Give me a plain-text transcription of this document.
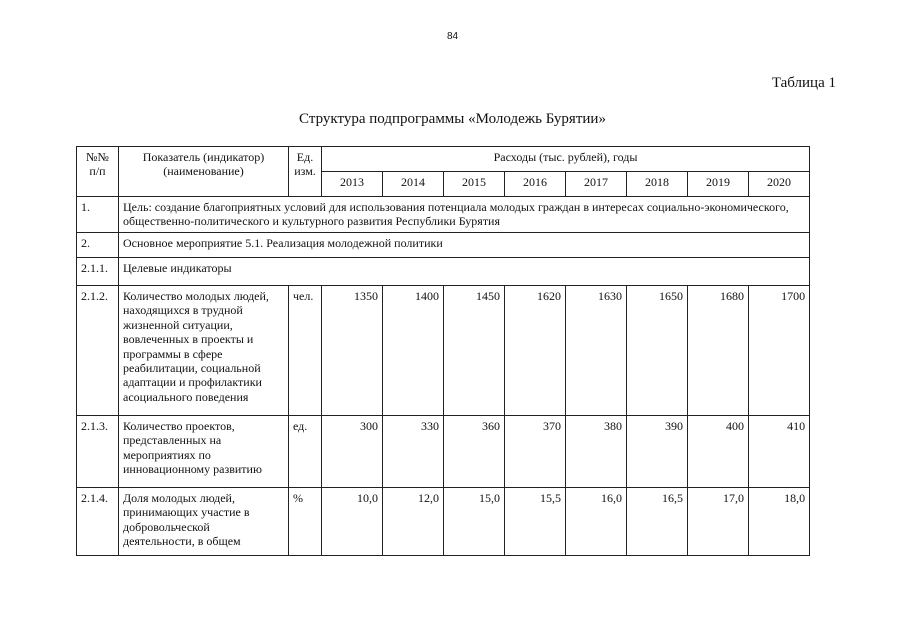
84
Таблица 1
Структура подпрограммы «Молодежь Бурятии»
№№ п/п	Показатель (индикатор) (наименование)	Ед. изм.	Расходы (тыс. рублей), годы							
			2013	2014	2015	2016	2017	2018	2019	2020
1.	Цель: создание благоприятных условий для использования потенциала молодых граждан в интересах социально-экономического, общественно-политического и культурного развития Республики Бурятия									
2.	Основное мероприятие 5.1. Реализация молодежной политики									
2.1.1.	Целевые индикаторы									
2.1.2.	Количество молодых людей, находящихся в трудной жизненной ситуации, вовлеченных в проекты и программы в сфере реабилитации, социальной адаптации и профилактики асоциального поведения	чел.	1350	1400	1450	1620	1630	1650	1680	1700
2.1.3.	Количество проектов, представленных на мероприятиях по инновационному развитию	ед.	300	330	360	370	380	390	400	410
2.1.4.	Доля молодых людей, принимающих участие в добровольческой деятельности, в общем	%	10,0	12,0	15,0	15,5	16,0	16,5	17,0	18,0
